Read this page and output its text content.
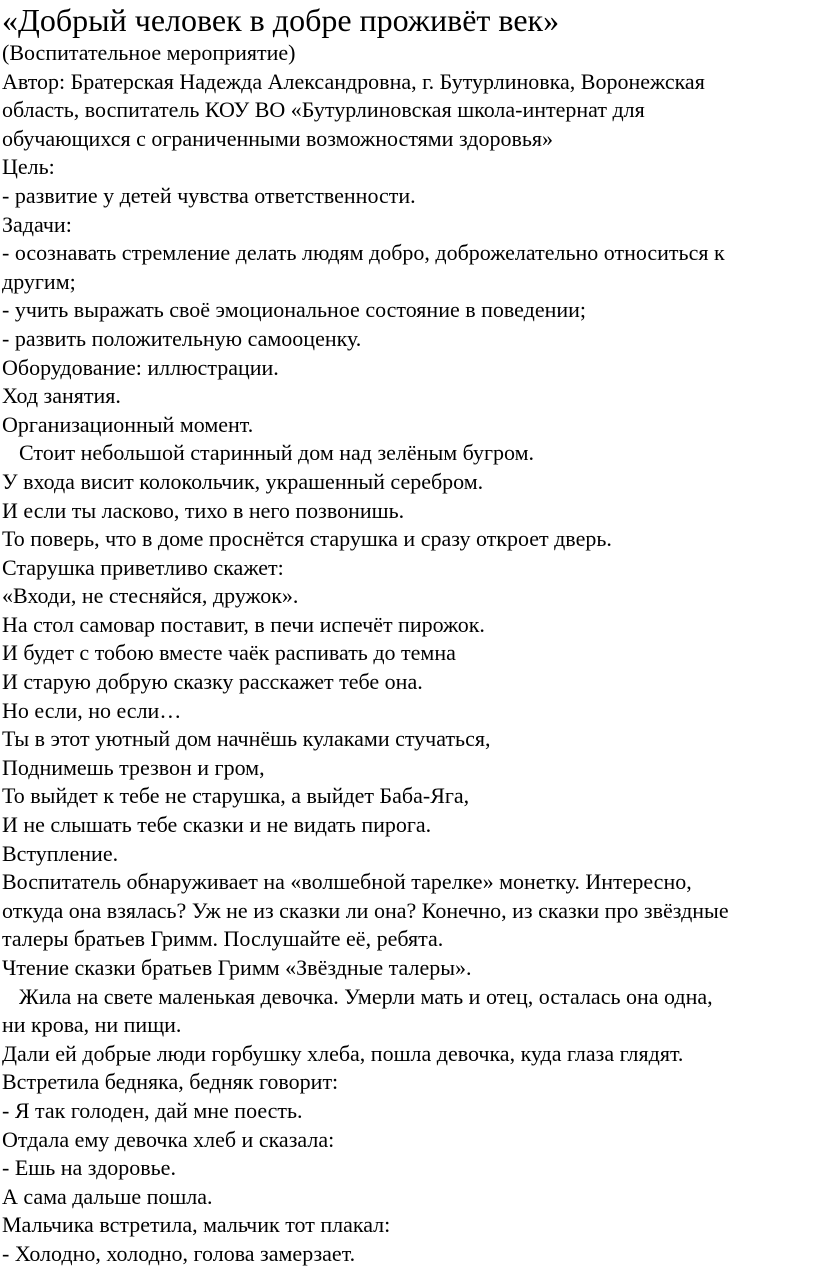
«Добрый человек в добре проживёт век»
(Воспитательное мероприятие)
Автор: Братерская Надежда Александровна, г. Бутурлиновка, Воронежская
область, воспитатель КОУ ВО «Бутурлиновская школа-интернат для
обучающихся с ограниченными возможностями здоровья»
Цель:
- развитие у детей чувства ответственности.
Задачи:
- осознавать стремление делать людям добро, доброжелательно относиться к
другим;
- учить выражать своё эмоциональное состояние в поведении;
- развить положительную самооценку.
Оборудование: иллюстрации.
Ход занятия.
Организационный момент.
Стоит небольшой старинный дом над зелёным бугром.
У входа висит колокольчик, украшенный серебром.
И если ты ласково, тихо в него позвонишь.
То поверь, что в доме проснётся старушка и сразу откроет дверь.
Старушка приветливо скажет:
«Входи, не стесняйся, дружок».
На стол самовар поставит, в печи испечёт пирожок.
И будет с тобою вместе чаёк распивать до темна
И старую добрую сказку расскажет тебе она.
Но если, но если…
Ты в этот уютный дом начнёшь кулаками стучаться,
Поднимешь трезвон и гром,
То выйдет к тебе не старушка, а выйдет Баба-Яга,
И не слышать тебе сказки и не видать пирога.
Вступление.
Воспитатель обнаруживает на «волшебной тарелке» монетку. Интересно,
откуда она взялась? Уж не из сказки ли она? Конечно, из сказки про звёздные
талеры братьев Гримм. Послушайте её, ребята.
Чтение сказки братьев Гримм «Звёздные талеры».
Жила на свете маленькая девочка. Умерли мать и отец, осталась она одна,
ни крова, ни пищи.
Дали ей добрые люди горбушку хлеба, пошла девочка, куда глаза глядят.
Встретила бедняка, бедняк говорит:
- Я так голоден, дай мне поесть.
Отдала ему девочка хлеб и сказала:
- Ешь на здоровье.
А сама дальше пошла.
Мальчика встретила, мальчик тот плакал:
- Холодно, холодно, голова замерзает.
